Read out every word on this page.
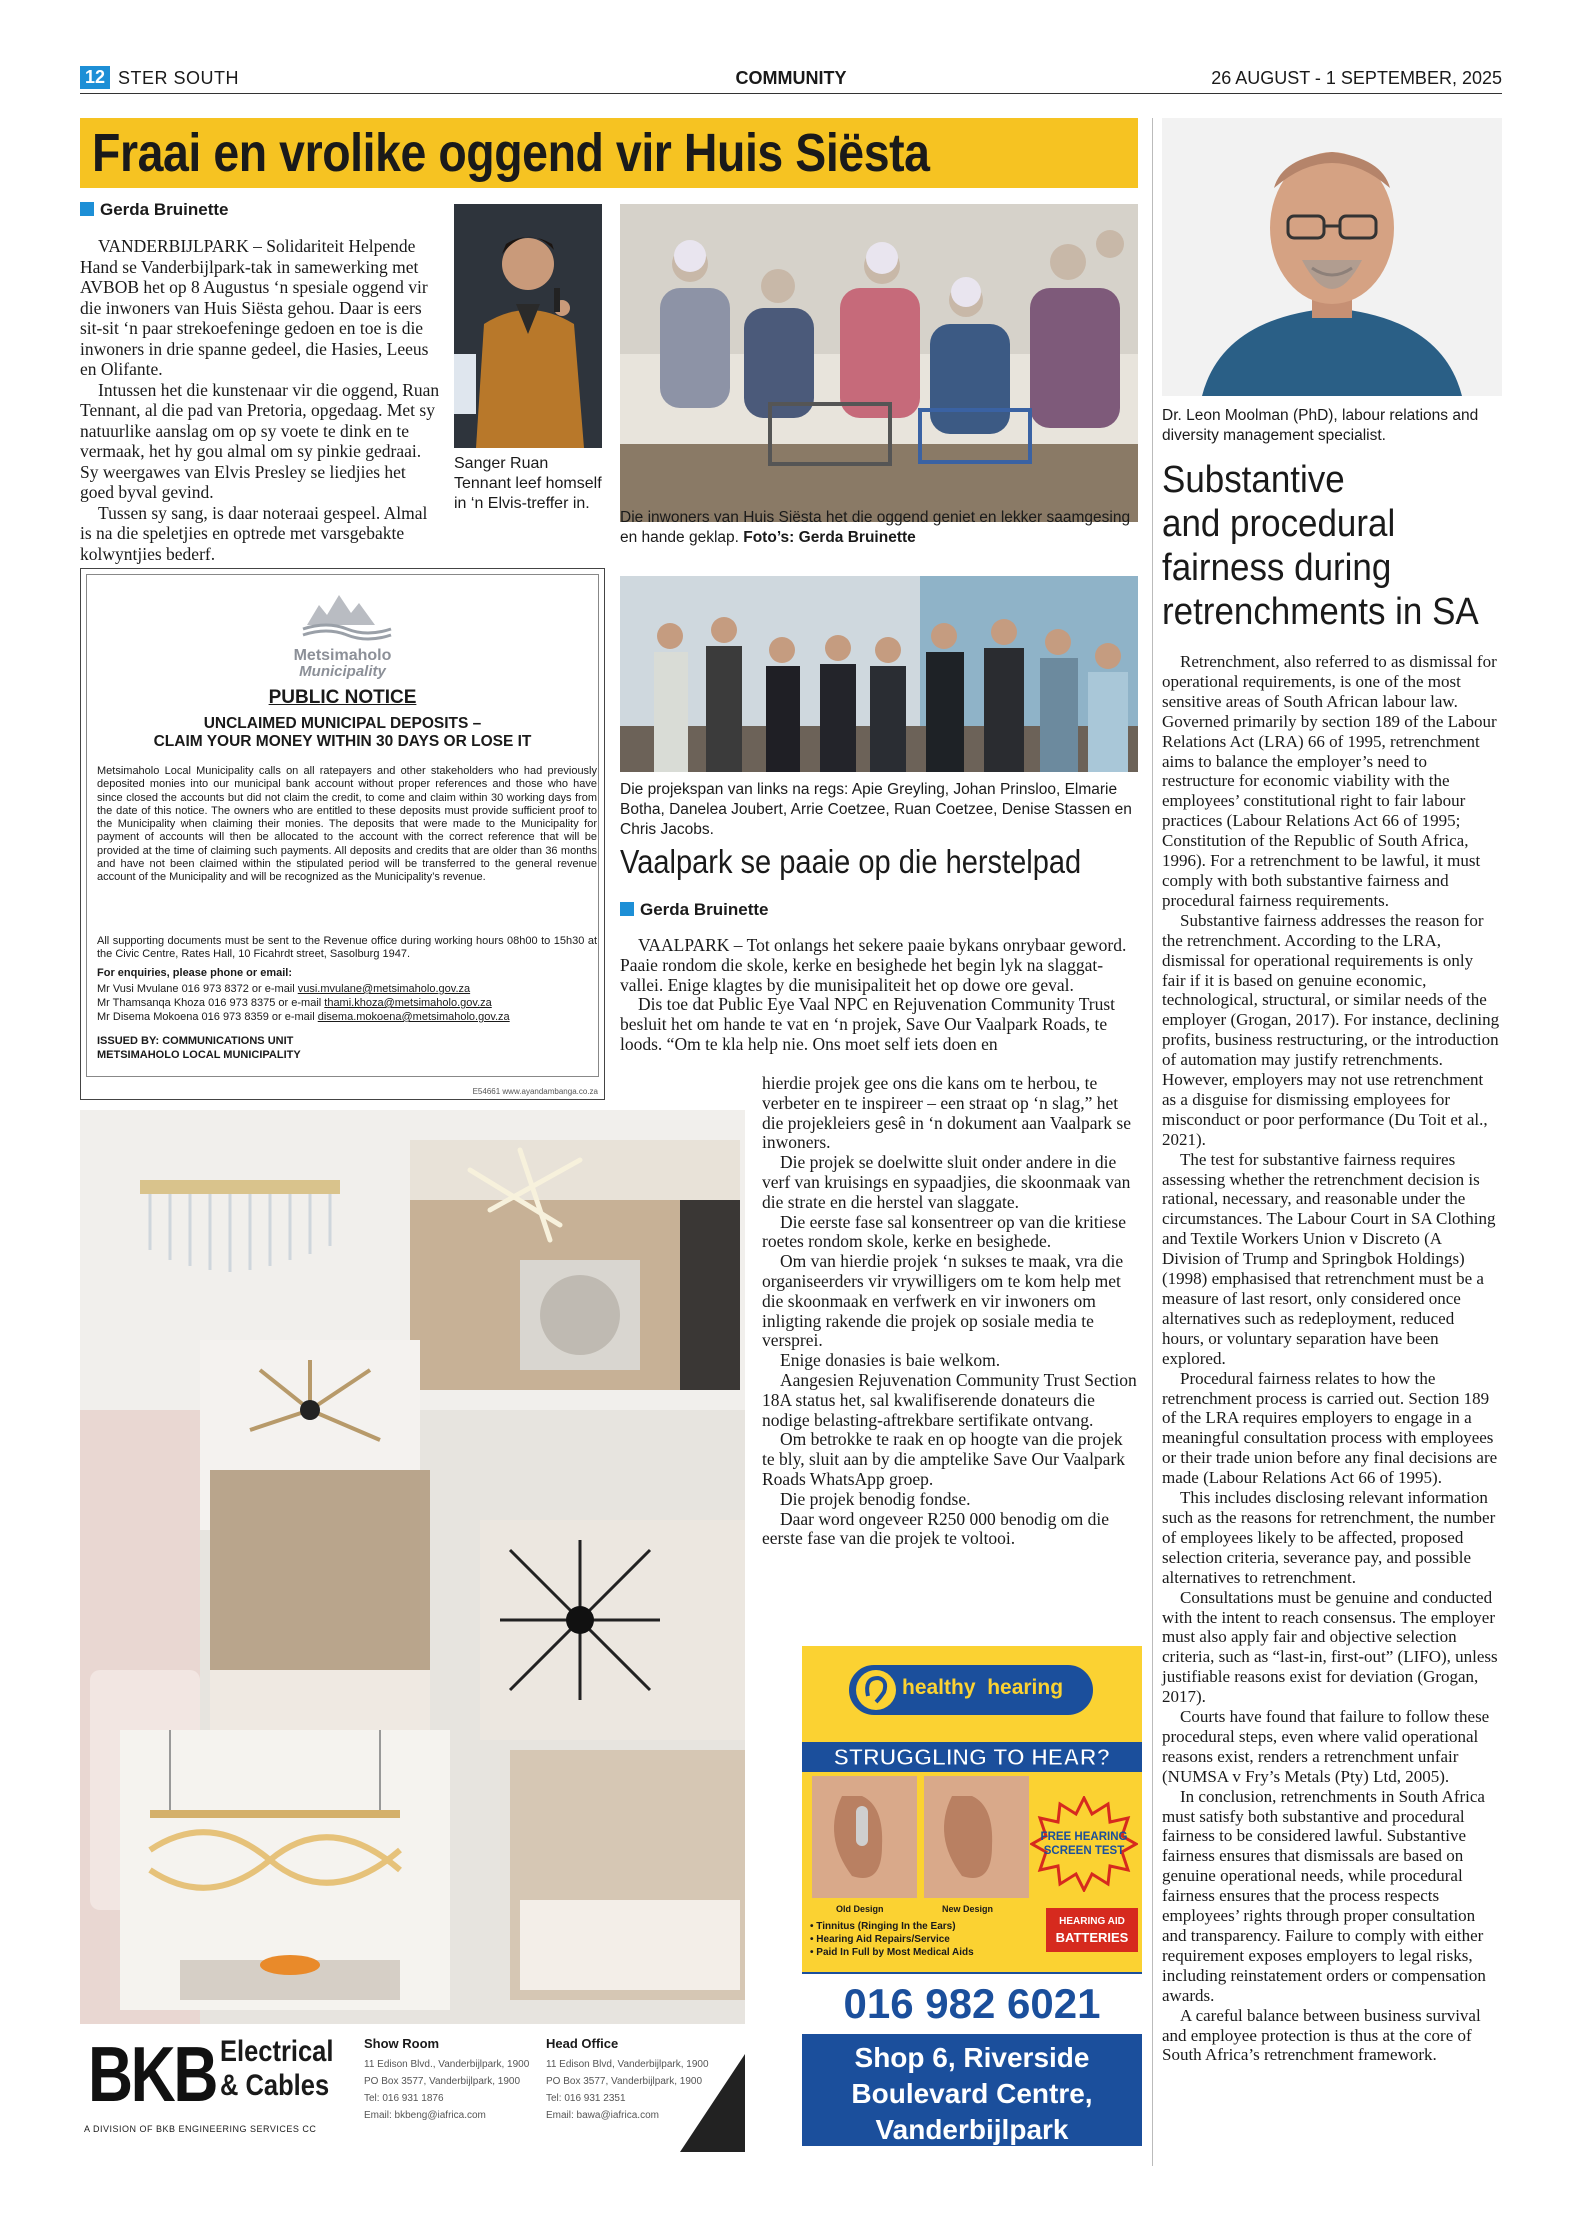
12 STER SOUTH	COMMUNITY	26 AUGUST - 1 SEPTEMBER, 2025
Fraai en vrolike oggend vir Huis Siësta
Gerda Bruinette

VANDERBIJLPARK – Solidariteit Helpende Hand se Vanderbijlpark-tak in samewerking met AVBOB het op 8 Augustus ‘n spesiale oggend vir die inwoners van Huis Siësta gehou. Daar is eers sit-sit ‘n paar strekoefeninge gedoen en toe is die inwoners in drie spanne gedeel, die Hasies, Leeus en Olifante.

Intussen het die kunstenaar vir die oggend, Ruan Tennant, al die pad van Pretoria, opgedaag. Met sy natuurlike aanslag om op sy voete te dink en te vermaak, het hy gou almal om sy pinkie gedraai. Sy weergawes van Elvis Presley se liedjies het goed byval gevind.

Tussen sy sang, is daar noteraai gespeel. Almal is na die speletjies en optrede met varsgebakte kolwyntjies bederf.

Sanger Ruan Tennant leef homself in ‘n Elvis-treffer in.
Die inwoners van Huis Siësta het die oggend geniet en lekker saamgesing en hande geklap. Foto’s: Gerda Bruinette
Metsimaholo
Municipality
PUBLIC NOTICE
UNCLAIMED MUNICIPAL DEPOSITS –
CLAIM YOUR MONEY WITHIN 30 DAYS OR LOSE IT
Metsimaholo Local Municipality calls on all ratepayers and other stakeholders who had previously deposited monies into our municipal bank account without proper references and those who have since closed the accounts but did not claim the credit, to come and claim within 30 working days from the date of this notice. The owners who are entitled to these deposits must provide sufficient proof to the Municipality when claiming their monies. The deposits that were made to the Municipality for payment of accounts will then be allocated to the account with the correct reference that will be provided at the time of claiming such payments. All deposits and credits that are older than 36 months and have not been claimed within the stipulated period will be transferred to the general revenue account of the Municipality and will be recognized as the Municipality’s revenue.
All supporting documents must be sent to the Revenue office during working hours 08h00 to 15h30 at the Civic Centre, Rates Hall, 10 Ficahrdt street, Sasolburg 1947.
For enquiries, please phone or email:
Mr Vusi Mvulane 016 973 8372 or e-mail vusi.mvulane@metsimaholo.gov.za
Mr Thamsanqa Khoza 016 973 8375 or e-mail thami.khoza@metsimaholo.gov.za
Mr Disema Mokoena 016 973 8359 or e-mail disema.mokoena@metsimaholo.gov.za
ISSUED BY: COMMUNICATIONS UNIT
METSIMAHOLO LOCAL MUNICIPALITY
E54661 www.ayandambanga.co.za
Die projekspan van links na regs: Apie Greyling, Johan Prinsloo, Elmarie Botha, Danelea Joubert, Arrie Coetzee, Ruan Coetzee, Denise Stassen en Chris Jacobs.
Vaalpark se paaie op die herstelpad
Gerda Bruinette

VAALPARK – Tot onlangs het sekere paaie bykans onrybaar geword. Paaie rondom die skole, kerke en besighede het begin lyk na slaggat-vallei. Enige klagtes by die munisipaliteit het op dowe ore geval.

Dis toe dat Public Eye Vaal NPC en Rejuvenation Community Trust besluit het om hande te vat en ‘n projek, Save Our Vaalpark Roads, te loods. “Om te kla help nie. Ons moet self iets doen en

hierdie projek gee ons die kans om te herbou, te verbeter en te inspireer – een straat op ‘n slag,” het die projekleiers gesê in ‘n dokument aan Vaalpark se inwoners.

Die projek se doelwitte sluit onder andere in die verf van kruisings en sypaadjies, die skoonmaak van die strate en die herstel van slaggate.

Die eerste fase sal konsentreer op van die kritiese roetes rondom skole, kerke en besighede.

Om van hierdie projek ‘n sukses te maak, vra die organiseerders vir vrywilligers om te kom help met die skoonmaak en verfwerk en vir inwoners om inligting rakende die projek op sosiale media te versprei.

Enige donasies is baie welkom.

Aangesien Rejuvenation Community Trust Section 18A status het, sal kwalifiserende donateurs die nodige belasting-aftrekbare sertifikate ontvang.

Om betrokke te raak en op hoogte van die projek te bly, sluit aan by die amptelike Save Our Vaalpark Roads WhatsApp groep.

Die projek benodig fondse.

Daar word ongeveer R250 000 benodig om die eerste fase van die projek te voltooi.

BKB Electrical
& Cables
A DIVISION OF BKB ENGINEERING SERVICES CC
Show Room
11 Edison Blvd., Vanderbijlpark, 1900
PO Box 3577, Vanderbijlpark, 1900
Tel: 016 931 1876
Email: bkbeng@iafrica.com
Head Office
11 Edison Blvd, Vanderbijlpark, 1900
PO Box 3577, Vanderbijlpark, 1900
Tel: 016 931 2351
Email: bawa@iafrica.com
healthy  hearing
STRUGGLING TO HEAR?
Old Design	New Design
FREE HEARING
SCREEN TEST
HEARING AID
BATTERIES
• Tinnitus (Ringing In the Ears)
• Hearing Aid Repairs/Service
• Paid In Full by Most Medical Aids
016 982 6021
Shop 6, Riverside
Boulevard Centre,
Vanderbijlpark
Dr. Leon Moolman (PhD), labour relations and diversity management specialist.
Substantive
and procedural
fairness during
retrenchments in SA

Retrenchment, also referred to as dismissal for operational requirements, is one of the most sensitive areas of South African labour law. Governed primarily by section 189 of the Labour Relations Act (LRA) 66 of 1995, retrenchment aims to balance the employer’s need to restructure for economic viability with the employees’ constitutional right to fair labour practices (Labour Relations Act 66 of 1995; Constitution of the Republic of South Africa, 1996). For a retrenchment to be lawful, it must comply with both substantive fairness and procedural fairness requirements.

Substantive fairness addresses the reason for the retrenchment. According to the LRA, dismissal for operational requirements is only fair if it is based on genuine economic, technological, structural, or similar needs of the employer (Grogan, 2017). For instance, declining profits, business restructuring, or the introduction of automation may justify retrenchments. However, employers may not use retrenchment as a disguise for dismissing employees for misconduct or poor performance (Du Toit et al., 2021).

The test for substantive fairness requires assessing whether the retrenchment decision is rational, necessary, and reasonable under the circumstances. The Labour Court in SA Clothing and Textile Workers Union v Discreto (A Division of Trump and Springbok Holdings) (1998) emphasised that retrenchment must be a measure of last resort, only considered once alternatives such as redeployment, reduced hours, or voluntary separation have been explored.

Procedural fairness relates to how the retrenchment process is carried out. Section 189 of the LRA requires employers to engage in a meaningful consultation process with employees or their trade union before any final decisions are made (Labour Relations Act 66 of 1995).

This includes disclosing relevant information such as the reasons for retrenchment, the number of employees likely to be affected, proposed selection criteria, severance pay, and possible alternatives to retrenchment.

Consultations must be genuine and conducted with the intent to reach consensus. The employer must also apply fair and objective selection criteria, such as “last-in, first-out” (LIFO), unless justifiable reasons exist for deviation (Grogan, 2017).

Courts have found that failure to follow these procedural steps, even where valid operational reasons exist, renders a retrenchment unfair (NUMSA v Fry’s Metals (Pty) Ltd, 2005).

In conclusion, retrenchments in South Africa must satisfy both substantive and procedural fairness to be considered lawful. Substantive fairness ensures that dismissals are based on genuine operational needs, while procedural fairness ensures that the process respects employees’ rights through proper consultation and transparency. Failure to comply with either requirement exposes employers to legal risks, including reinstatement orders or compensation awards.

A careful balance between business survival and employee protection is thus at the core of South Africa’s retrenchment framework.
